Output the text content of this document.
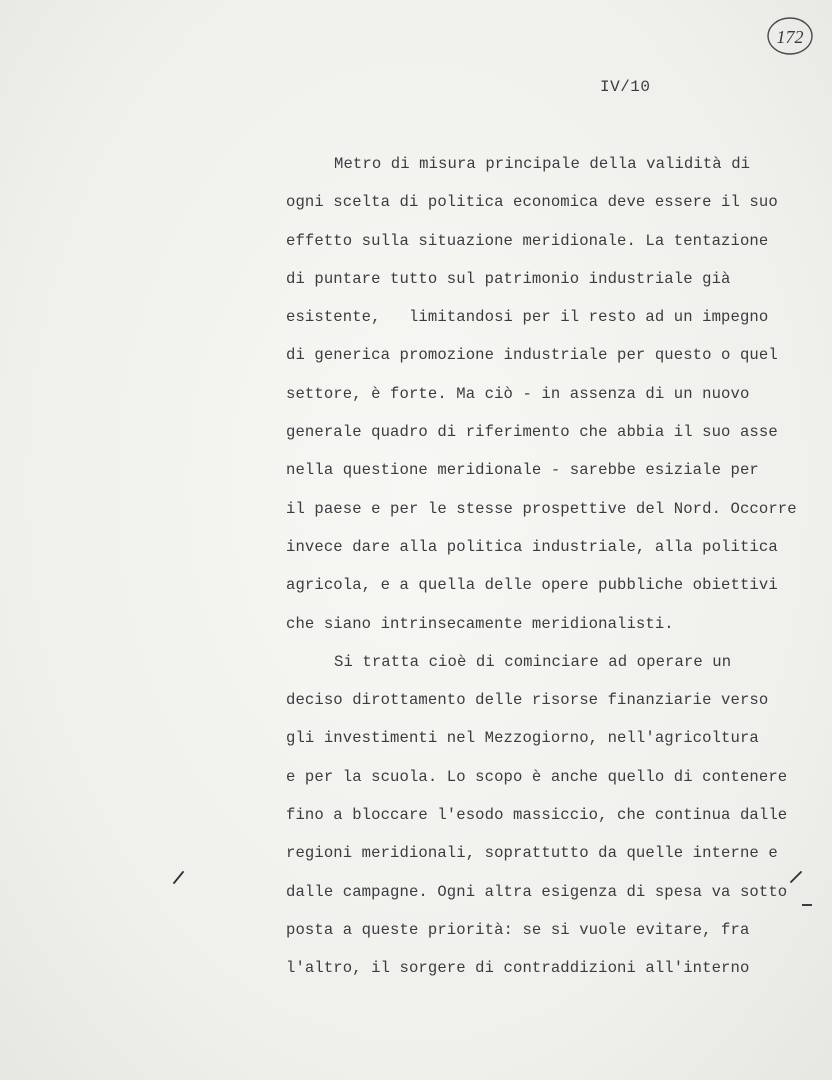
172
IV/10
Metro di misura principale della validità di
ogni scelta di politica economica deve essere il suo
effetto sulla situazione meridionale. La tentazione
di puntare tutto sul patrimonio industriale già
esistente,   limitandosi per il resto ad un impegno
di generica promozione industriale per questo o quel
settore, è forte. Ma ciò - in assenza di un nuovo
generale quadro di riferimento che abbia il suo asse
nella questione meridionale - sarebbe esiziale per
il paese e per le stesse prospettive del Nord. Occorre
invece dare alla politica industriale, alla politica
agricola, e a quella delle opere pubbliche obiettivi
che siano intrinsecamente meridionalisti.
Si tratta cioè di cominciare ad operare un
deciso dirottamento delle risorse finanziarie verso
gli investimenti nel Mezzogiorno, nell'agricoltura
e per la scuola. Lo scopo è anche quello di contenere
fino a bloccare l'esodo massiccio, che continua dalle
regioni meridionali, soprattutto da quelle interne e
dalle campagne. Ogni altra esigenza di spesa va sotto
posta a queste priorità: se si vuole evitare, fra
l'altro, il sorgere di contraddizioni all'interno
